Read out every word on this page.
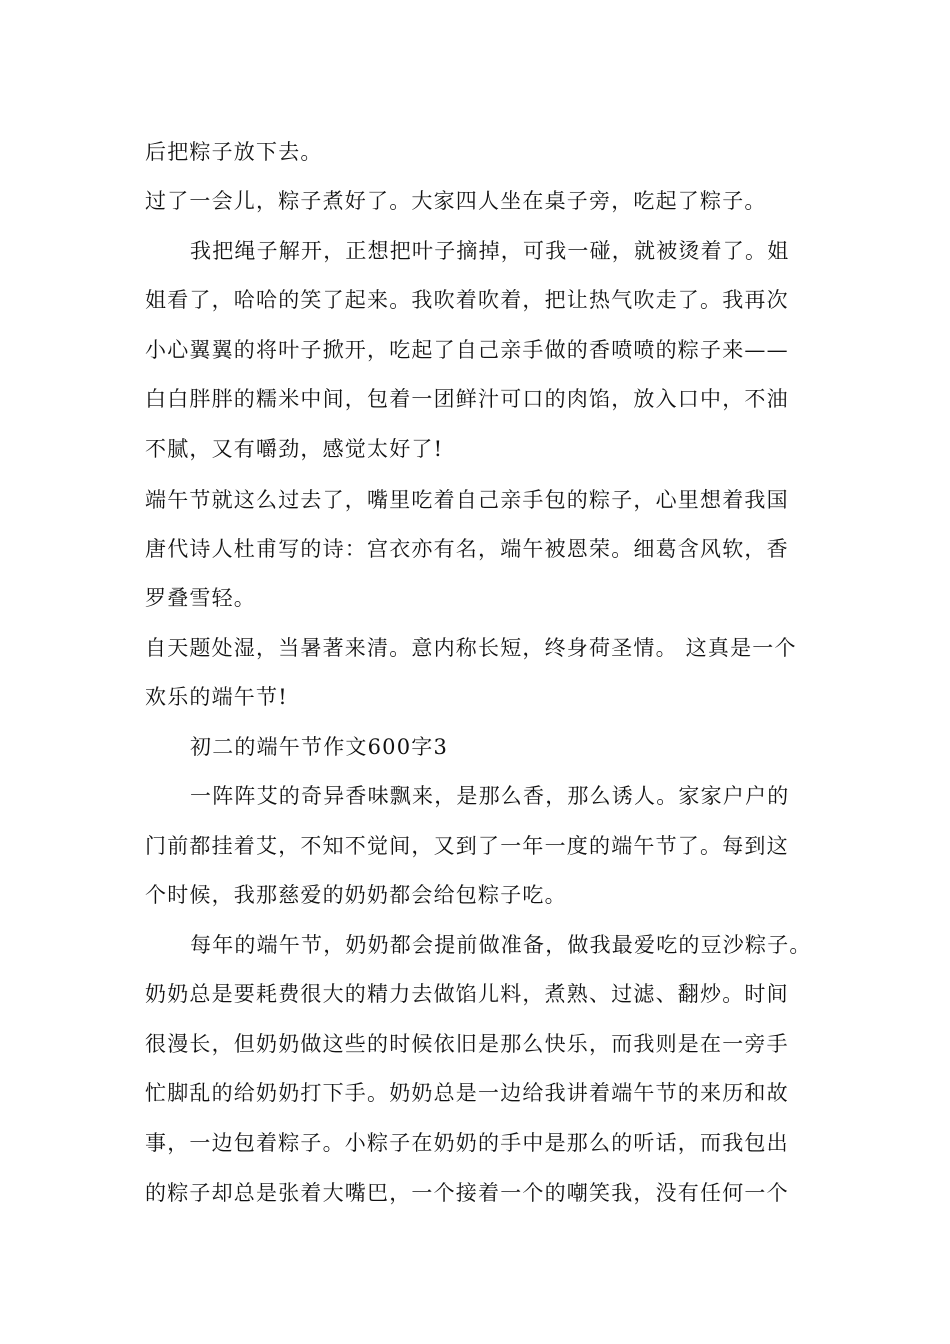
后把粽子放下去。
过了一会儿，粽子煮好了。大家四人坐在桌子旁，吃起了粽子。
我把绳子解开，正想把叶子摘掉，可我一碰，就被烫着了。姐
姐看了，哈哈的笑了起来。我吹着吹着，把让热气吹走了。我再次
小心翼翼的将叶子掀开，吃起了自己亲手做的香喷喷的粽子来——
白白胖胖的糯米中间，包着一团鲜汁可口的肉馅，放入口中，不油
不腻，又有嚼劲，感觉太好了!
端午节就这么过去了，嘴里吃着自己亲手包的粽子，心里想着我国
唐代诗人杜甫写的诗：宫衣亦有名，端午被恩荣。细葛含风软，香
罗叠雪轻。
自天题处湿，当暑著来清。意内称长短，终身荷圣情。 这真是一个
欢乐的端午节!
初二的端午节作文600字3
一阵阵艾的奇异香味飘来，是那么香，那么诱人。家家户户的
门前都挂着艾，不知不觉间，又到了一年一度的端午节了。每到这
个时候，我那慈爱的奶奶都会给包粽子吃。
每年的端午节，奶奶都会提前做准备，做我最爱吃的豆沙粽子。
奶奶总是要耗费很大的精力去做馅儿料，煮熟、过滤、翻炒。时间
很漫长，但奶奶做这些的时候依旧是那么快乐，而我则是在一旁手
忙脚乱的给奶奶打下手。奶奶总是一边给我讲着端午节的来历和故
事，一边包着粽子。小粽子在奶奶的手中是那么的听话，而我包出
的粽子却总是张着大嘴巴，一个接着一个的嘲笑我，没有任何一个
